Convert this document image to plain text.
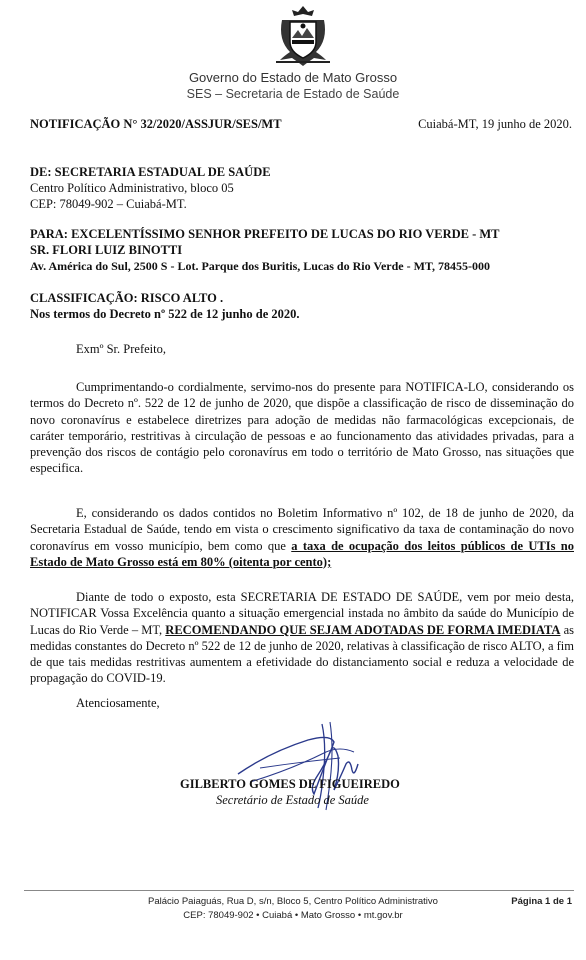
Governo do Estado de Mato Grosso
SES – Secretaria de Estado de Saúde
NOTIFICAÇÃO N° 32/2020/ASSJUR/SES/MT	Cuiabá-MT, 19 junho de 2020.
DE: SECRETARIA ESTADUAL DE SAÚDE
Centro Político Administrativo, bloco 05
CEP: 78049-902 – Cuiabá-MT.
PARA: EXCELENTÍSSIMO SENHOR PREFEITO DE LUCAS DO RIO VERDE - MT
SR. FLORI LUIZ BINOTTI
Av. América do Sul, 2500 S - Lot. Parque dos Buritis, Lucas do Rio Verde - MT, 78455-000
CLASSIFICAÇÃO: RISCO ALTO .
Nos termos do Decreto nº 522 de 12 junho de 2020.
Exmº Sr. Prefeito,
Cumprimentando-o cordialmente, servimo-nos do presente para NOTIFICA-LO, considerando os termos do Decreto nº. 522 de 12 de junho de 2020, que dispõe a classificação de risco de disseminação do novo coronavírus e estabelece diretrizes para adoção de medidas não farmacológicas excepcionais, de caráter temporário, restritivas à circulação de pessoas e ao funcionamento das atividades privadas, para a prevenção dos riscos de contágio pelo coronavírus em todo o território de Mato Grosso, nas situações que especifica.
E, considerando os dados contidos no Boletim Informativo nº 102, de 18 de junho de 2020, da Secretaria Estadual de Saúde, tendo em vista o crescimento significativo da taxa de contaminação do novo coronavírus em vosso município, bem como que a taxa de ocupação dos leitos públicos de UTIs no Estado de Mato Grosso está em 80% (oitenta por cento);
Diante de todo o exposto, esta SECRETARIA DE ESTADO DE SAÚDE, vem por meio desta, NOTIFICAR Vossa Excelência quanto a situação emergencial instada no âmbito da saúde do Município de Lucas do Rio Verde – MT, RECOMENDANDO QUE SEJAM ADOTADAS DE FORMA IMEDIATA as medidas constantes do Decreto nº 522 de 12 de junho de 2020, relativas à classificação de risco ALTO, a fim de que tais medidas restritivas aumentem a efetividade do distanciamento social e reduza a velocidade de propagação do COVID-19.
Atenciosamente,
GILBERTO GOMES DE FIGUEIREDO
Secretário de Estado de Saúde
Palácio Paiaguás, Rua D, s/n, Bloco 5, Centro Político Administrativo
CEP: 78049-902 • Cuiabá • Mato Grosso • mt.gov.br
Página 1 de 1
